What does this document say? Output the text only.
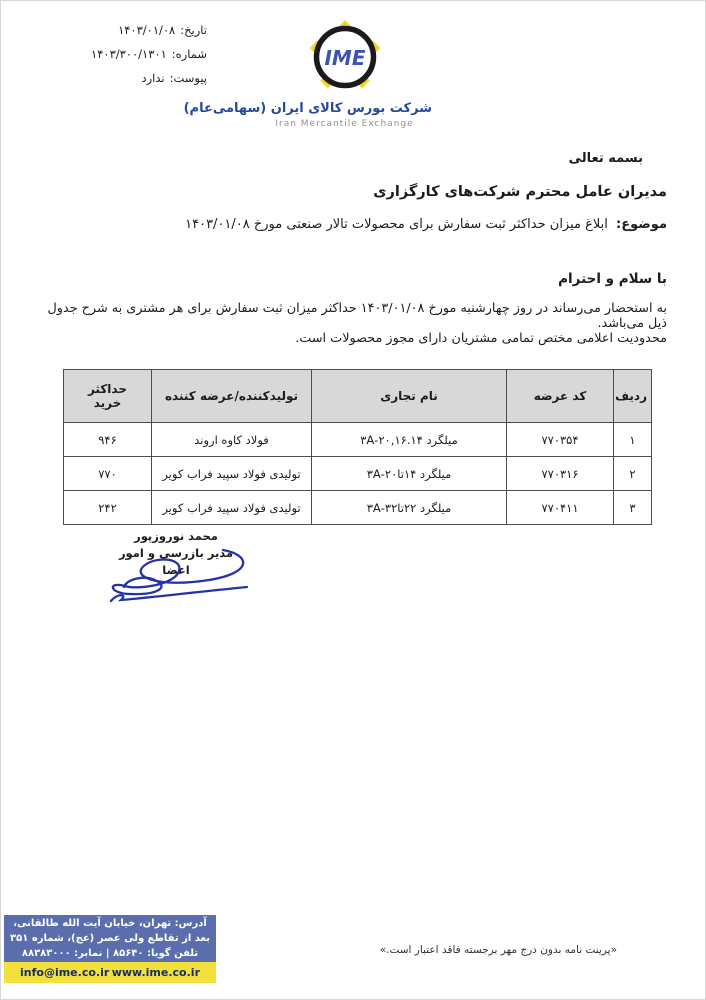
تاریخ:۱۴۰۳/۰۱/۰۸
شماره:۱۴۰۳/۳۰۰/۱۳۰۱
پیوست:ندارد
IME
شرکت بورس کالای ایران (سهامی‌عام)
Iran Mercantile Exchange
بسمه تعالی
مدیران عامل محترم شرکت‌های کارگزاری
موضوع: ابلاغ میزان حداکثر ثبت سفارش برای محصولات تالار صنعتی مورخ ۱۴۰۳/۰۱/۰۸
با سلام و احترام
به استحضار می‌رساند در روز چهارشنبه مورخ ۱۴۰۳/۰۱/۰۸ حداکثر میزان ثبت سفارش برای هر مشتری به شرح جدول ذیل می‌باشد.
محدودیت اعلامی مختص تمامی مشتریان دارای مجوز محصولات است.
ردیف	کد عرضه	نام تجاری	تولیدکننده/عرضه کننده	حداکثر خرید
۱	۷۷۰۳۵۴	میلگرد ۲۰,۱۶.۱۴-۳A	فولاد کاوه اروند	۹۴۶
۲	۷۷۰۳۱۶	میلگرد ۱۴تا۲۰-۳A	تولیدی فولاد سپید فراب کویر	۷۷۰
۳	۷۷۰۴۱۱	میلگرد ۲۲تا۳۲-۳A	تولیدی فولاد سپید فراب کویر	۲۴۲
محمد نوروزپور
مدیر بازرسی و امور اعضا
«پرینت نامه بدون درج مهر برجسته فاقد اعتبار است.»
آدرس: تهران، خیابان آیت الله طالقانی،
بعد از تقاطع ولی عصر (عج)، شماره ۳۵۱
تلفن گویا: ۸۵۶۴۰ | نمابر: ۸۸۳۸۳۰۰۰
info@ime.co.ir www.ime.co.ir
